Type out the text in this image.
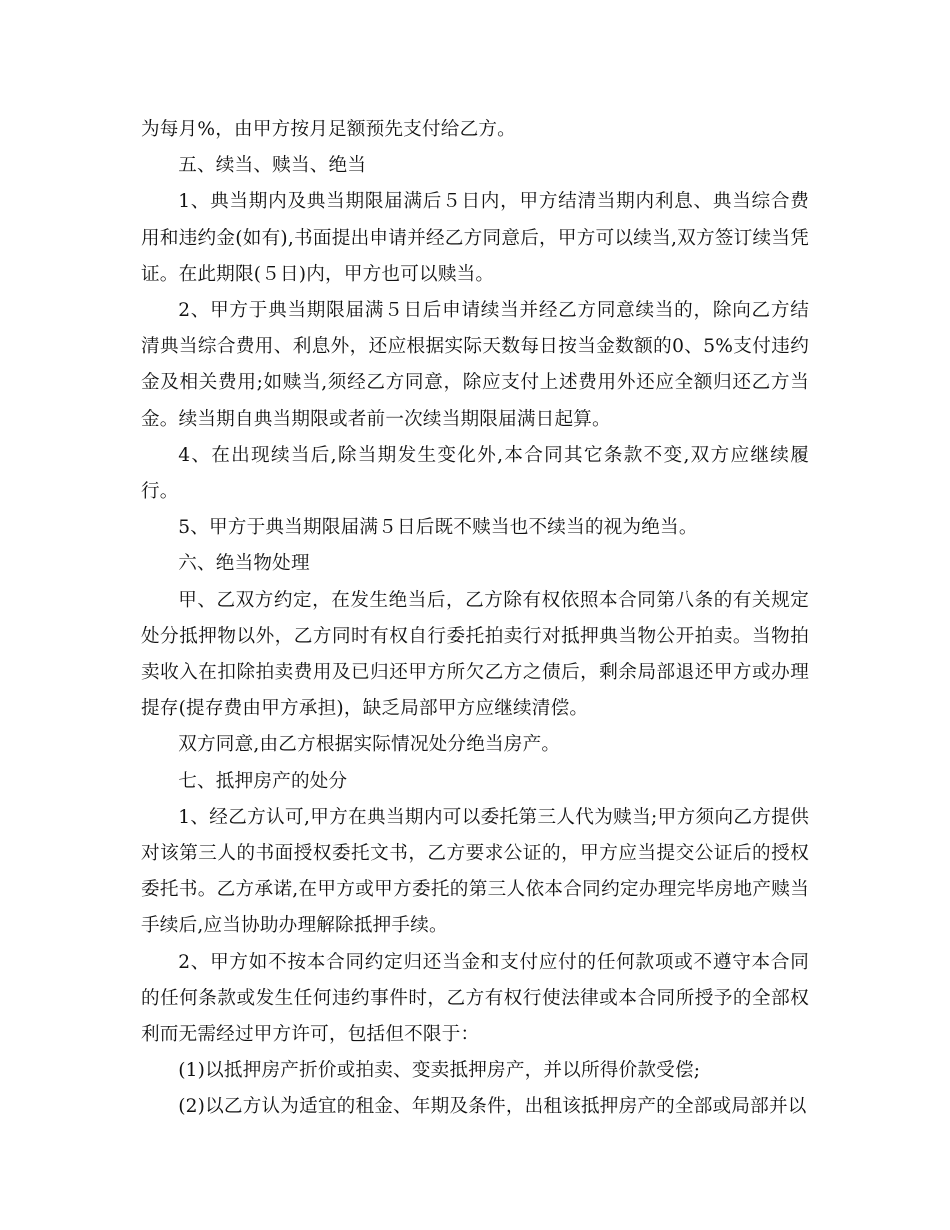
为每月%，由甲方按月足额预先支付给乙方。

五、续当、赎当、绝当

1、典当期内及典当期限届满后５日内，甲方结清当期内利息、典当综合费用和违约金(如有),书面提出申请并经乙方同意后，甲方可以续当,双方签订续当凭证。在此期限(５日)内，甲方也可以赎当。

2、甲方于典当期限届满５日后申请续当并经乙方同意续当的，除向乙方结清典当综合费用、利息外，还应根据实际天数每日按当金数额的0、5%支付违约金及相关费用;如赎当,须经乙方同意，除应支付上述费用外还应全额归还乙方当金。续当期自典当期限或者前一次续当期限届满日起算。

4、在出现续当后,除当期发生变化外,本合同其它条款不变,双方应继续履行。

5、甲方于典当期限届满５日后既不赎当也不续当的视为绝当。

六、绝当物处理

甲、乙双方约定，在发生绝当后，乙方除有权依照本合同第八条的有关规定处分抵押物以外，乙方同时有权自行委托拍卖行对抵押典当物公开拍卖。当物拍卖收入在扣除拍卖费用及已归还甲方所欠乙方之债后，剩余局部退还甲方或办理提存(提存费由甲方承担)，缺乏局部甲方应继续清偿。

双方同意,由乙方根据实际情况处分绝当房产。

七、抵押房产的处分

1、经乙方认可,甲方在典当期内可以委托第三人代为赎当;甲方须向乙方提供对该第三人的书面授权委托文书，乙方要求公证的，甲方应当提交公证后的授权委托书。乙方承诺,在甲方或甲方委托的第三人依本合同约定办理完毕房地产赎当手续后,应当协助办理解除抵押手续。

2、甲方如不按本合同约定归还当金和支付应付的任何款项或不遵守本合同的任何条款或发生任何违约事件时，乙方有权行使法律或本合同所授予的全部权利而无需经过甲方许可，包括但不限于：

(1)以抵押房产折价或拍卖、变卖抵押房产，并以所得价款受偿;

(2)以乙方认为适宜的租金、年期及条件，出租该抵押房产的全部或局部并以
